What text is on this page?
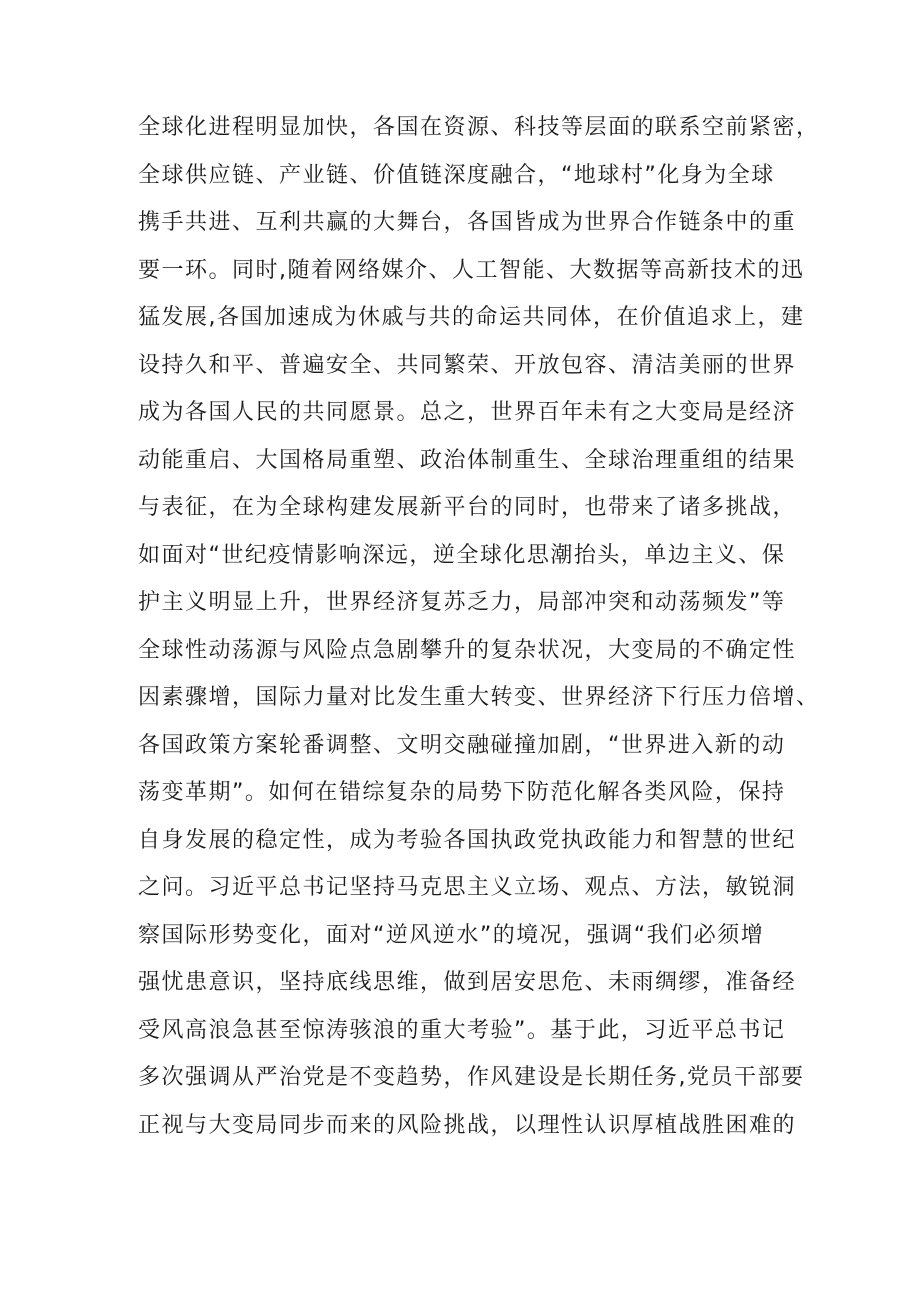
全球化进程明显加快，各国在资源、科技等层面的联系空前紧密，
全球供应链、产业链、价值链深度融合，“地球村”化身为全球
携手共进、互利共赢的大舞台，各国皆成为世界合作链条中的重
要一环。同时,随着网络媒介、人工智能、大数据等高新技术的迅
猛发展,各国加速成为休戚与共的命运共同体，在价值追求上，建
设持久和平、普遍安全、共同繁荣、开放包容、清洁美丽的世界
成为各国人民的共同愿景。总之，世界百年未有之大变局是经济
动能重启、大国格局重塑、政治体制重生、全球治理重组的结果
与表征，在为全球构建发展新平台的同时，也带来了诸多挑战，
如面对“世纪疫情影响深远，逆全球化思潮抬头，单边主义、保
护主义明显上升，世界经济复苏乏力，局部冲突和动荡频发”等
全球性动荡源与风险点急剧攀升的复杂状况，大变局的不确定性
因素骤增，国际力量对比发生重大转变、世界经济下行压力倍增、
各国政策方案轮番调整、文明交融碰撞加剧，“世界进入新的动
荡变革期”。如何在错综复杂的局势下防范化解各类风险，保持
自身发展的稳定性，成为考验各国执政党执政能力和智慧的世纪
之问。习近平总书记坚持马克思主义立场、观点、方法，敏锐洞
察国际形势变化，面对“逆风逆水”的境况，强调“我们必须增
强忧患意识，坚持底线思维，做到居安思危、未雨绸缪，准备经
受风高浪急甚至惊涛骇浪的重大考验”。基于此，习近平总书记
多次强调从严治党是不变趋势，作风建设是长期任务,党员干部要
正视与大变局同步而来的风险挑战，以理性认识厚植战胜困难的
